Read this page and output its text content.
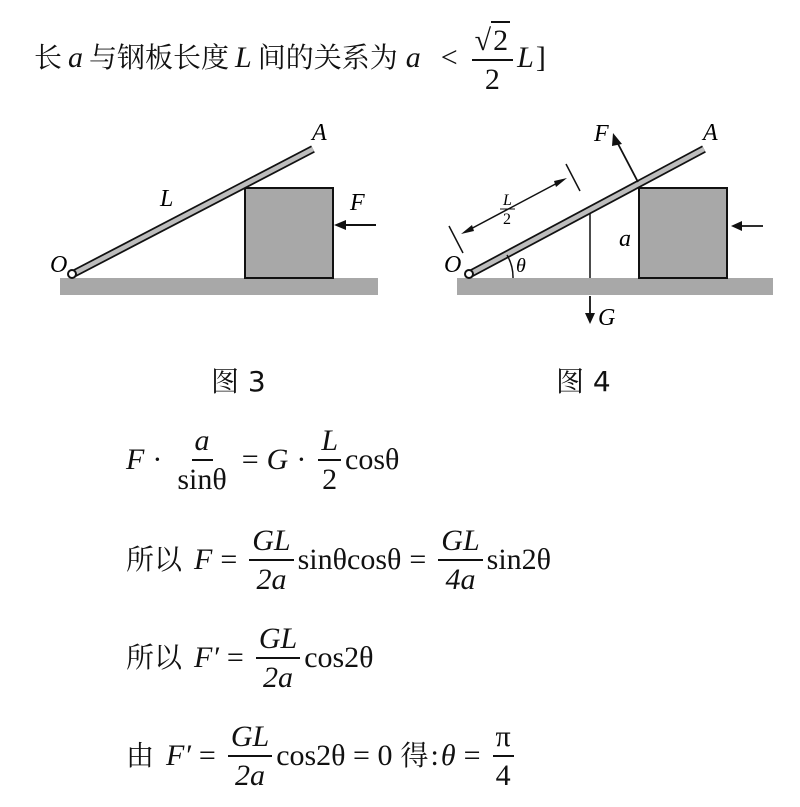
长 a 与钢板长度 L 间的关系为 $a < \frac{√ 2}{2}$ L ]
A
L	F
O
图 3
A
F
L
2
a
O	θ
G
图 4
$F \cdot \frac{a}{\sin\theta} = G \cdot \frac{L}{2}$ cosθ
所以 $F = \frac{GL}{2a}$ $\sin\theta\cos\theta = \frac{GL}{4a} \sin 2\theta$
所以 $F' = \frac{GL}{2a} \cos 2\theta$
由 $F' = \frac{GL}{2a} \cos 2\theta = 0$ 得 : $\theta = \frac{\pi}{4}$
